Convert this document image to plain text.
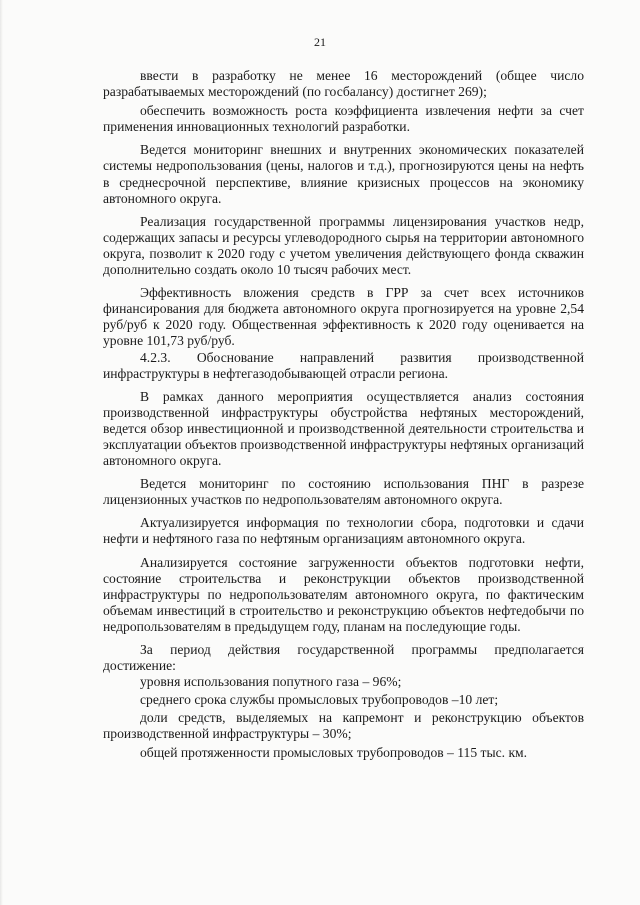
21

ввести в разработку не менее 16 месторождений (общее число разрабатываемых месторождений (по госбалансу) достигнет 269);

обеспечить возможность роста коэффициента извлечения нефти за счет применения инновационных технологий разработки.

Ведется мониторинг внешних и внутренних экономических показателей системы недропользования (цены, налогов и т.д.), прогнозируются цены на нефть в среднесрочной перспективе, влияние кризисных процессов на экономику автономного округа.

Реализация государственной программы лицензирования участков недр, содержащих запасы и ресурсы углеводородного сырья на территории автономного округа, позволит к 2020 году с учетом увеличения действующего фонда скважин дополнительно создать около 10 тысяч рабочих мест.

Эффективность вложения средств в ГРР за счет всех источников финансирования для бюджета автономного округа прогнозируется на уровне 2,54 руб/руб к 2020 году. Общественная эффективность к 2020 году оценивается на уровне 101,73 руб/руб.

4.2.3. Обоснование направлений развития производственной инфраструктуры в нефтегазодобывающей отрасли региона.

В рамках данного мероприятия осуществляется анализ состояния производственной инфраструктуры обустройства нефтяных месторождений, ведется обзор инвестиционной и производственной деятельности строительства и эксплуатации объектов производственной инфраструктуры нефтяных организаций автономного округа.

Ведется мониторинг по состоянию использования ПНГ в разрезе лицензионных участков по недропользователям автономного округа.

Актуализируется информация по технологии сбора, подготовки и сдачи нефти и нефтяного газа по нефтяным организациям автономного округа.

Анализируется состояние загруженности объектов подготовки нефти, состояние строительства и реконструкции объектов производственной инфраструктуры по недропользователям автономного округа, по фактическим объемам инвестиций в строительство и реконструкцию объектов нефтедобычи по недропользователям в предыдущем году, планам на последующие годы.

За период действия государственной программы предполагается достижение:

уровня использования попутного газа – 96%;

среднего срока службы промысловых трубопроводов –10 лет;

доли средств, выделяемых на капремонт и реконструкцию объектов производственной инфраструктуры – 30%;

общей протяженности промысловых трубопроводов – 115 тыс. км.
